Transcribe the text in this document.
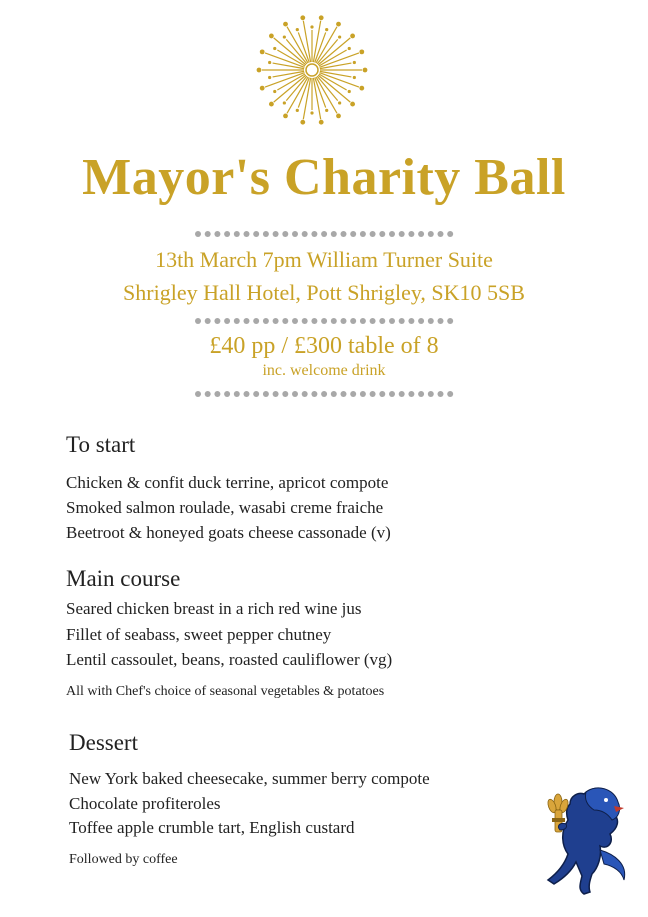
Mayor's Charity Ball
13th March 7pm William Turner Suite
Shrigley Hall Hotel, Pott Shrigley, SK10 5SB
£40 pp / £300 table of 8
inc. welcome drink
To start
Chicken & confit duck terrine, apricot compote
Smoked salmon roulade, wasabi creme fraiche
Beetroot & honeyed goats cheese cassonade (v)
Main course
Seared chicken breast in a rich red wine jus
Fillet of seabass, sweet pepper chutney
Lentil cassoulet, beans, roasted cauliflower (vg)
All with Chef's choice of seasonal vegetables & potatoes
Dessert
New York baked cheesecake, summer berry compote
Chocolate profiteroles
Toffee apple crumble tart, English custard
Followed by coffee
